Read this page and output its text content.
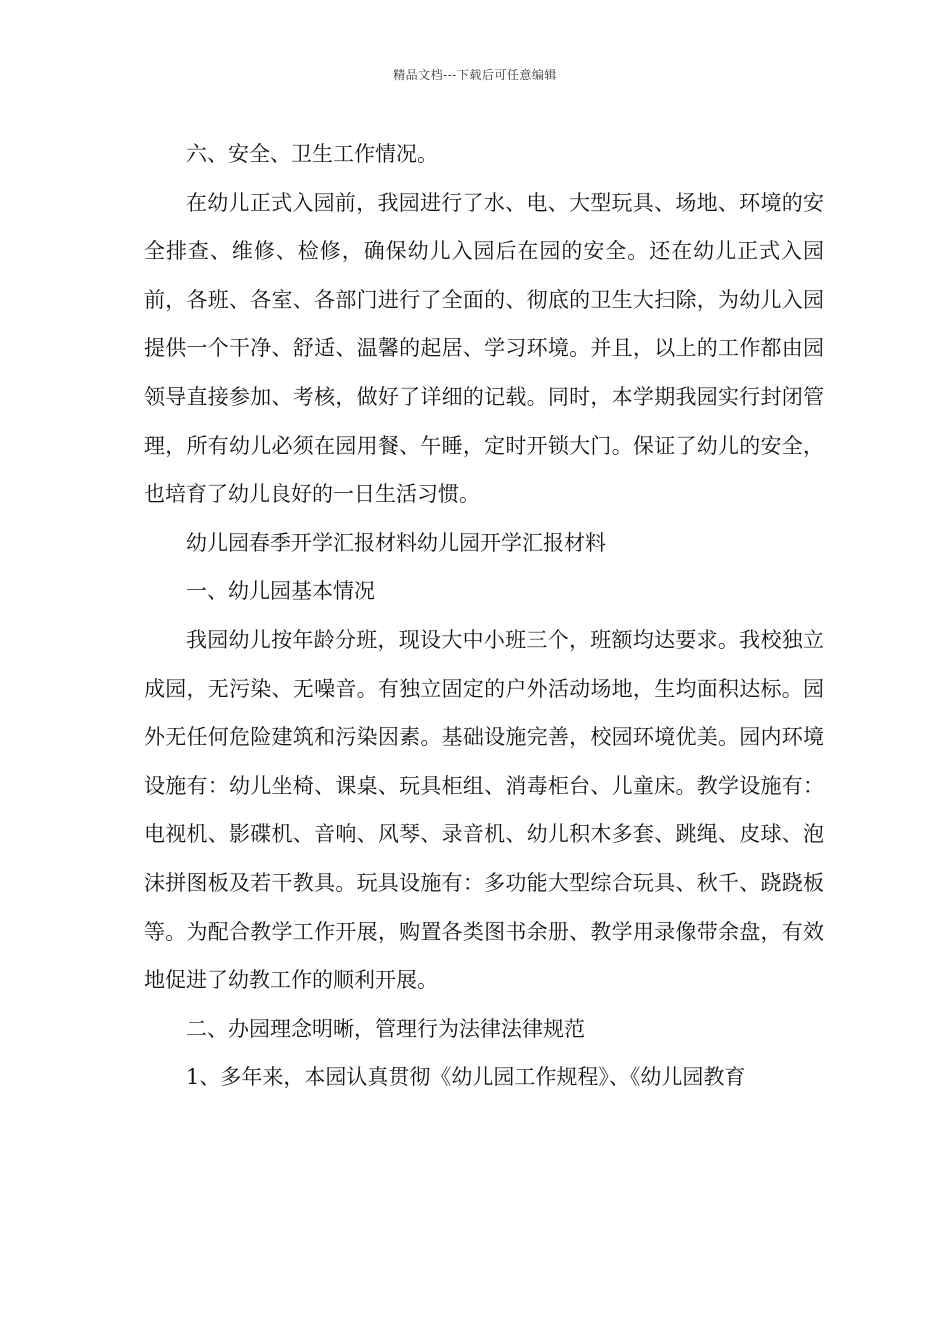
精品文档---下载后可任意编辑

六、安全、卫生工作情况。

在幼儿正式入园前，我园进行了水、电、大型玩具、场地、环境的安全排查、维修、检修，确保幼儿入园后在园的安全。还在幼儿正式入园前，各班、各室、各部门进行了全面的、彻底的卫生大扫除，为幼儿入园提供一个干净、舒适、温馨的起居、学习环境。并且，以上的工作都由园领导直接参加、考核，做好了详细的记载。同时，本学期我园实行封闭管理，所有幼儿必须在园用餐、午睡，定时开锁大门。保证了幼儿的安全，也培育了幼儿良好的一日生活习惯。

幼儿园春季开学汇报材料幼儿园开学汇报材料

一、幼儿园基本情况

我园幼儿按年龄分班，现设大中小班三个，班额均达要求。我校独立成园，无污染、无噪音。有独立固定的户外活动场地，生均面积达标。园外无任何危险建筑和污染因素。基础设施完善，校园环境优美。园内环境设施有：幼儿坐椅、课桌、玩具柜组、消毒柜台、儿童床。教学设施有：电视机、影碟机、音响、风琴、录音机、幼儿积木多套、跳绳、皮球、泡沫拼图板及若干教具。玩具设施有：多功能大型综合玩具、秋千、跷跷板等。为配合教学工作开展，购置各类图书余册、教学用录像带余盘，有效地促进了幼教工作的顺利开展。

二、办园理念明晰，管理行为法律法律规范

1、多年来，本园认真贯彻《幼儿园工作规程》、《幼儿园教育
